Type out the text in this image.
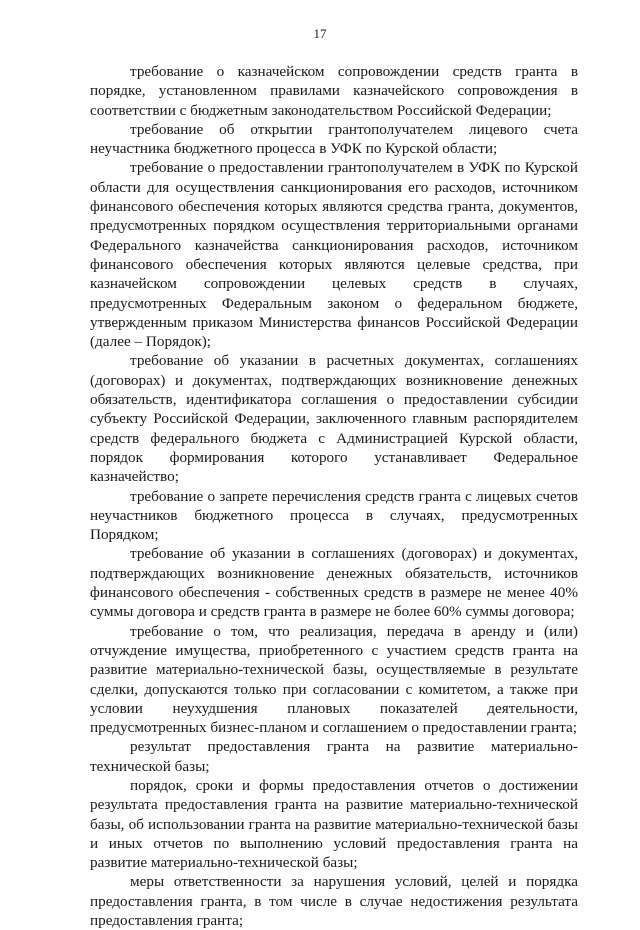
17

требование о казначейском сопровождении средств гранта в порядке, установленном правилами казначейского сопровождения в соответствии с бюджетным законодательством Российской Федерации;

требование об открытии грантополучателем лицевого счета неучастника бюджетного процесса в УФК по Курской области;

требование о предоставлении грантополучателем в УФК по Курской области для осуществления санкционирования его расходов, источником финансового обеспечения которых являются средства гранта, документов, предусмотренных порядком осуществления территориальными органами Федерального казначейства санкционирования расходов, источником финансового обеспечения которых являются целевые средства, при казначейском сопровождении целевых средств в случаях, предусмотренных Федеральным законом о федеральном бюджете, утвержденным приказом Министерства финансов Российской Федерации (далее – Порядок);

требование об указании в расчетных документах, соглашениях (договорах) и документах, подтверждающих возникновение денежных обязательств, идентификатора соглашения о предоставлении субсидии субъекту Российской Федерации, заключенного главным распорядителем средств федерального бюджета с Администрацией Курской области, порядок формирования которого устанавливает Федеральное казначейство;

требование о запрете перечисления средств гранта с лицевых счетов неучастников бюджетного процесса в случаях, предусмотренных Порядком;

требование об указании в соглашениях (договорах) и документах, подтверждающих возникновение денежных обязательств, источников финансового обеспечения - собственных средств в размере не менее 40% суммы договора и средств гранта в размере не более 60% суммы договора;

требование о том, что реализация, передача в аренду и (или) отчуждение имущества, приобретенного с участием средств гранта на развитие материально-технической базы, осуществляемые в результате сделки, допускаются только при согласовании с комитетом, а также при условии неухудшения плановых показателей деятельности, предусмотренных бизнес-планом и соглашением о предоставлении гранта;

результат предоставления гранта на развитие материально-технической базы;

порядок, сроки и формы предоставления отчетов о достижении результата предоставления гранта на развитие материально-технической базы, об использовании гранта на развитие материально-технической базы и иных отчетов по выполнению условий предоставления гранта на развитие материально-технической базы;

меры ответственности за нарушения условий, целей и порядка предоставления гранта, в том числе в случае недостижения результата предоставления гранта;
